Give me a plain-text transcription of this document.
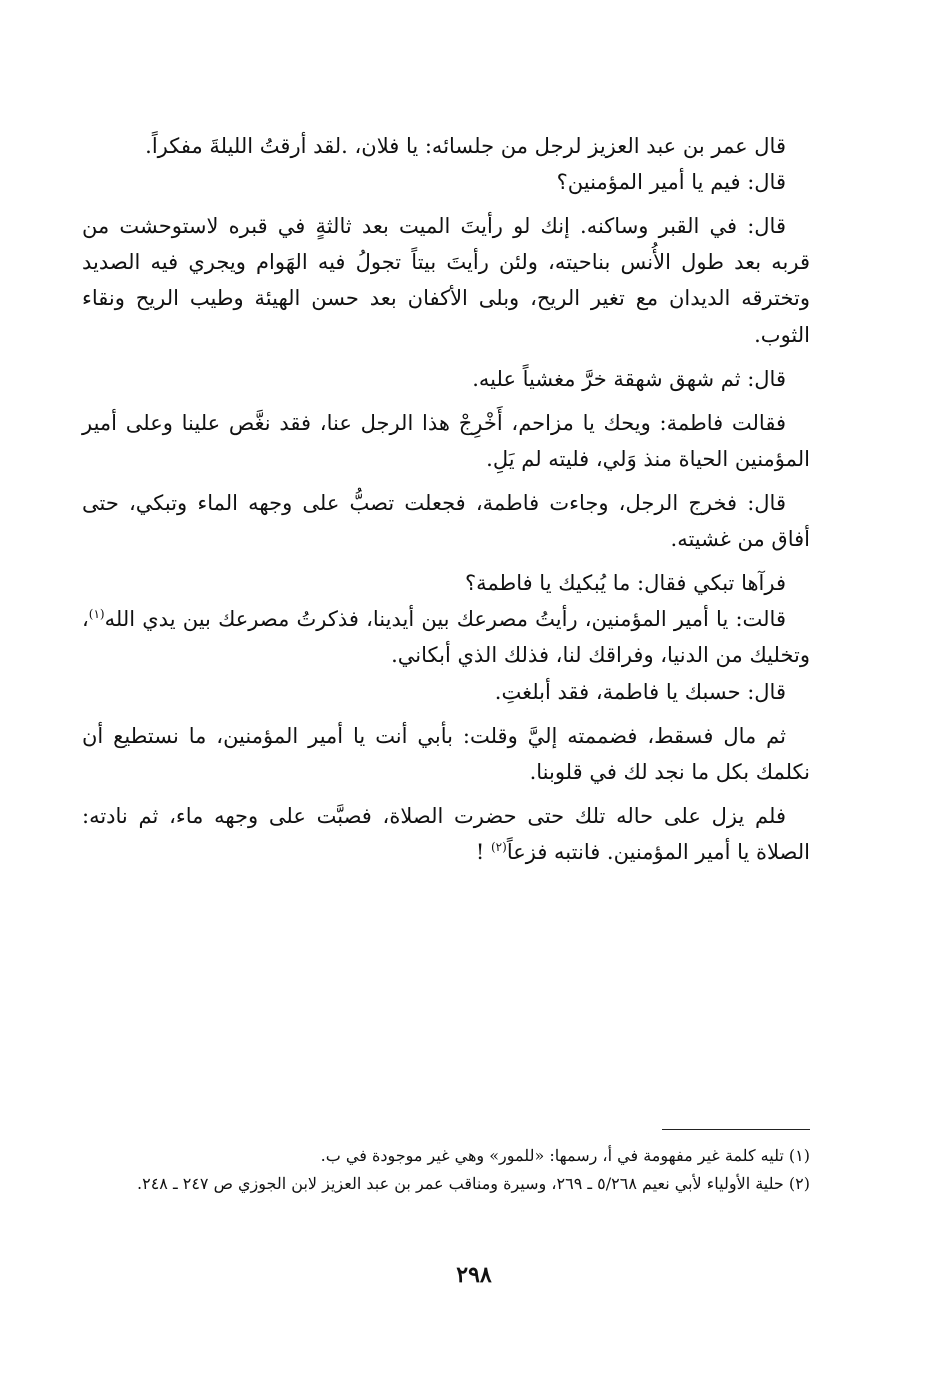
قال عمر بن عبد العزيز لرجل من جلسائه: يا فلان، .لقد أرقتُ الليلةَ مفكراً.

قال: فيم يا أمير المؤمنين؟

قال: في القبر وساكنه. إنك لو رأيتَ الميت بعد ثالثةٍ في قبره لاستوحشت من قربه بعد طول الأُنس بناحيته، ولئن رأيتَ بيتاً تجولُ فيه الهَوام ويجري فيه الصديد وتخترقه الديدان مع تغير الريح، وبلى الأكفان بعد حسن الهيئة وطيب الريح ونقاء الثوب.

قال: ثم شهق شهقة خرَّ مغشياً عليه.

فقالت فاطمة: ويحك يا مزاحم، أَخْرِجْ هذا الرجل عنا، فقد نغَّص علينا وعلى أمير المؤمنين الحياة منذ وَلي، فليته لم يَلِ.

قال: فخرج الرجل، وجاءت فاطمة، فجعلت تصبُّ على وجهه الماء وتبكي، حتى أفاق من غشيته.

فرآها تبكي فقال: ما يُبكيك يا فاطمة؟

قالت: يا أمير المؤمنين، رأيتُ مصرعك بين أيدينا، فذكرتُ مصرعك بين يدي الله$^{(١)}$، وتخليك من الدنيا، وفراقك لنا، فذلك الذي أبكاني.

قال: حسبك يا فاطمة، فقد أبلغتِ.

ثم مال فسقط، فضممته إليَّ وقلت: بأبي أنت يا أمير المؤمنين، ما نستطيع أن نكلمك بكل ما نجد لك في قلوبنا.

فلم يزل على حاله تلك حتى حضرت الصلاة، فصبَّت على وجهه ماء، ثم نادته: الصلاة يا أمير المؤمنين. فانتبه فزعاً$^{(٢)}$ !

(١) تليه كلمة غير مفهومة في أ، رسمها: «للمور» وهي غير موجودة في ب.

(٢) حلية الأولياء لأبي نعيم ٥/٢٦٨ ـ ٢٦٩، وسيرة ومناقب عمر بن عبد العزيز لابن الجوزي ص ٢٤٧ ـ ٢٤٨.

٢٩٨
